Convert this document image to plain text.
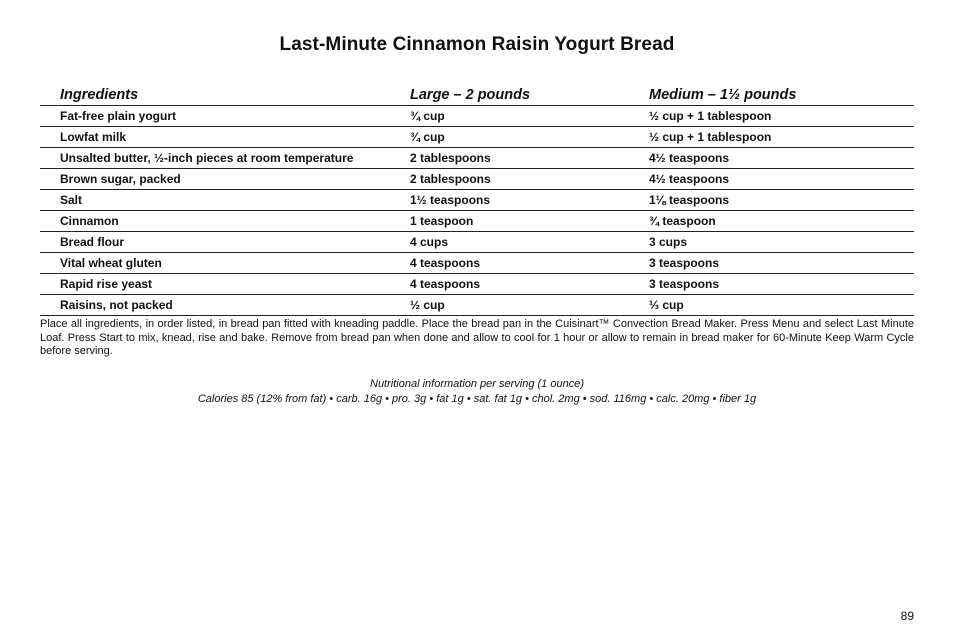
Last-Minute Cinnamon Raisin Yogurt Bread
Ingredients	Large – 2 pounds	Medium – 1½ pounds
Fat-free plain yogurt	¾ cup	½ cup + 1 tablespoon
Lowfat milk	¾ cup	½ cup + 1 tablespoon
Unsalted butter, ½-inch pieces at room temperature	2 tablespoons	4½ teaspoons
Brown sugar, packed	2 tablespoons	4½ teaspoons
Salt	1½ teaspoons	1⅛ teaspoons
Cinnamon	1 teaspoon	¾ teaspoon
Bread flour	4 cups	3 cups
Vital wheat gluten	4 teaspoons	3 teaspoons
Rapid rise yeast	4 teaspoons	3 teaspoons
Raisins, not packed	½ cup	⅓ cup
Place all ingredients, in order listed, in bread pan fitted with kneading paddle. Place the bread pan in the Cuisinart™ Convection Bread Maker. Press Menu and select Last Minute Loaf. Press Start to mix, knead, rise and bake. Remove from bread pan when done and allow to cool for 1 hour or allow to remain in bread maker for 60-Minute Keep Warm Cycle before serving.
Nutritional information per serving (1 ounce)
Calories 85 (12% from fat) • carb. 16g • pro. 3g • fat 1g • sat. fat 1g • chol. 2mg • sod. 116mg • calc. 20mg • fiber 1g
89
